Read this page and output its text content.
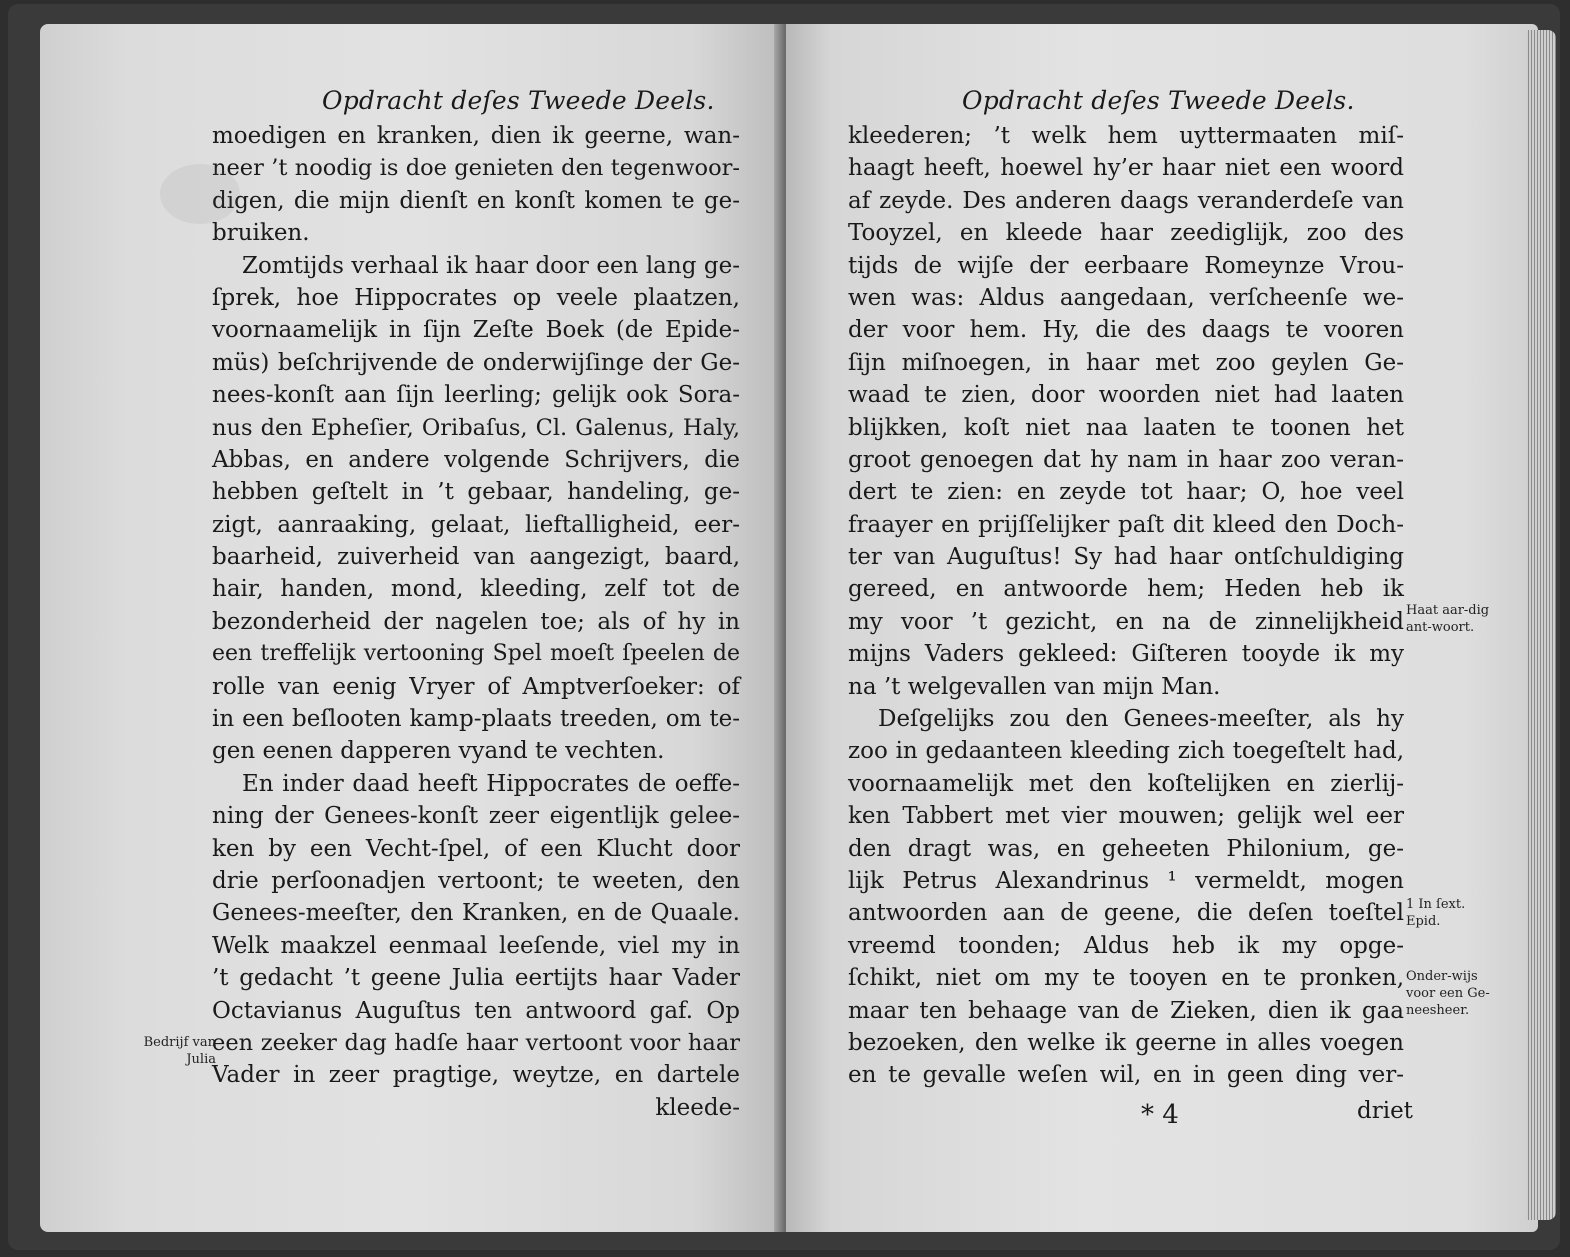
Opdracht deſes Tweede Deels.
moedigen en kranken, dien ik geerne, wan-
neer ’t noodig is doe genieten den tegenwoor-
digen, die mijn dienſt en konſt komen te ge-
bruiken.
Zomtijds verhaal ik haar door een lang ge-
ſprek, hoe Hippocrates op veele plaatzen,
voornaamelijk in ſijn Zeſte Boek (de Epide-
müs) beſchrijvende de onderwijſinge der Ge-
nees-konſt aan ſijn leerling; gelijk ook Sora-
nus den Epheſier, Oribaſus, Cl. Galenus, Haly,
Abbas, en andere volgende Schrijvers, die
hebben geſtelt in ’t gebaar, handeling, ge-
zigt, aanraaking, gelaat, lieftalligheid, eer-
baarheid, zuiverheid van aangezigt, baard,
hair, handen, mond, kleeding, zelf tot de
bezonderheid der nagelen toe; als of hy in
een treffelijk vertooning Spel moeſt ſpeelen de
rolle van eenig Vryer of Amptverſoeker: of
in een beſlooten kamp-plaats treeden, om te-
gen eenen dapperen vyand te vechten.
En inder daad heeft Hippocrates de oeffe-
ning der Genees-konſt zeer eigentlijk gelee-
ken by een Vecht-ſpel, of een Klucht door
drie perſoonadjen vertoont; te weeten, den
Genees-meeſter, den Kranken, en de Quaale.
Welk maakzel eenmaal leeſende, viel my in
’t gedacht ’t geene Julia eertijts haar Vader
Octavianus Auguſtus ten antwoord gaf. Op
een zeeker dag hadſe haar vertoont voor haar
Vader in zeer pragtige, weytze, en dartele
kleede-
Bedrijf van Julia
Opdracht deſes Tweede Deels.
kleederen; ’t welk hem uyttermaaten miſ-
haagt heeft, hoewel hy’er haar niet een woord
af zeyde. Des anderen daags veranderdeſe van
Tooyzel, en kleede haar zeediglijk, zoo des
tijds de wijſe der eerbaare Romeynze Vrou-
wen was: Aldus aangedaan, verſcheenſe we-
der voor hem. Hy, die des daags te vooren
ſijn miſnoegen, in haar met zoo geylen Ge-
waad te zien, door woorden niet had laaten
blijkken, koſt niet naa laaten te toonen het
groot genoegen dat hy nam in haar zoo veran-
dert te zien: en zeyde tot haar; O, hoe veel
fraayer en prijſſelijker paſt dit kleed den Doch-
ter van Auguſtus! Sy had haar ontſchuldiging
gereed, en antwoorde hem; Heden heb ik
my voor ’t gezicht, en na de zinnelijkheid
mijns Vaders gekleed: Giſteren tooyde ik my
na ’t welgevallen van mijn Man.
Deſgelijks zou den Genees-meeſter, als hy
zoo in gedaanteen kleeding zich toegeſtelt had,
voornaamelijk met den koſtelijken en zierlij-
ken Tabbert met vier mouwen; gelijk wel eer
den dragt was, en geheeten Philonium, ge-
lijk Petrus Alexandrinus ¹ vermeldt, mogen
antwoorden aan de geene, die deſen toeſtel
vreemd toonden; Aldus heb ik my opge-
ſchikt, niet om my te tooyen en te pronken,
maar ten behaage van de Zieken, dien ik gaa
bezoeken, den welke ik geerne in alles voegen
en te gevalle weſen wil, en in geen ding ver-
Haat aar-dig ant-woort.
1 In ſext. Epid.
Onder-wijs voor een Ge-neesheer.
* 4	driet
